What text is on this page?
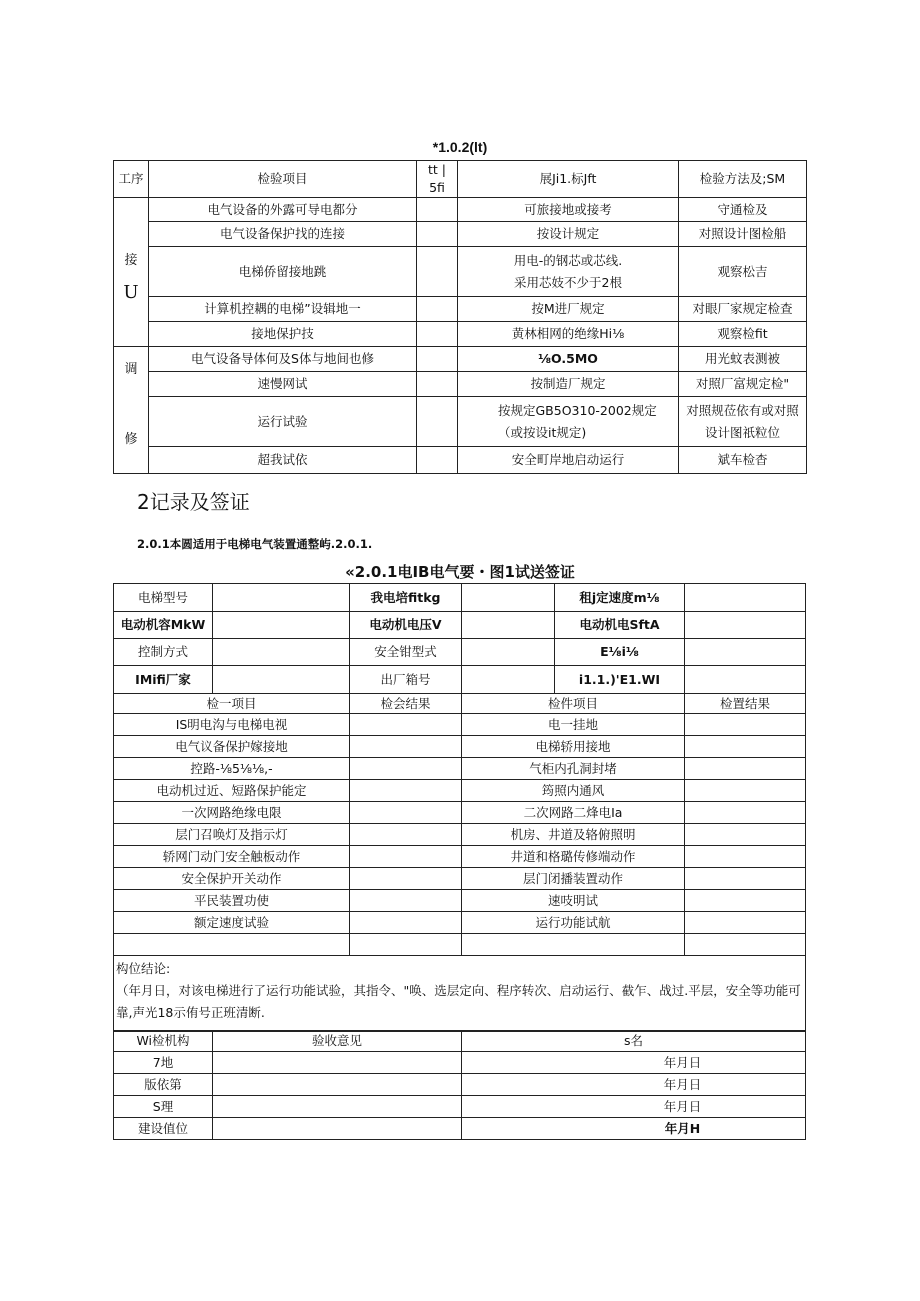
*1.0.2(lt)
工序	检验项目	tt | 5fi	展Ji1.标Jft	检验方法及;SM

接
U	电气设备的外露可导电都分		可旅接地或接考	守通检及
	电气设备保护找的连接		按设计规定	对照设计图检船
	电梯侨留接地跳		用电-的钢芯或芯线.采用芯妓不少于2根	观察松吉
	计算机控耦的电梯”设辑地一		按M进厂规定	对眼厂家规定检查
	接地保护技		黄林相网的绝缘Hi⅛	观察检fit

调
修	电气设备导体何及S体与地间也修		⅛O.5MO	用光蚊表测被
	速慢网试		按制造厂规定	对照厂富规定检"
	运行试验		按规定GB5O310-2002规定（或按设it规定)	对照规莅依有或对照设计图祇粒位
	超我试依		安全町岸地启动运行	斌车检杳
2记录及签证
2.0.1本圆适用于电梯电气装置通整屿.2.0.1.
«2.0.1电IB电气要・图1试送签证
电梯型号		我电培fitkg		租j定速度m⅛	
电动机容MkW		电动机电压V		电动机电SftA	
控制方式		安全钳型式		E⅛i⅛	
IMifi厂家		出厂箱号		i1.1.)'E1.WI	
检一项目		检会结果	检件项目		检置结果
IS明电沟与电梯电视			电一挂地		
电气议备保护嫁接地			电梯轿用接地		
控路-⅛5⅛⅛,-			气柜内孔洞封堵		
电动机过近、短路保护能定			筠照内通风		
一次网路绝缘电限			二次网路二烽电Ia		
层门召唤灯及指示灯			机房、井道及辂俯照明		
轿网门动门安全触板动作			井道和格璐传修端动作		
安全保护开关动作			层门闭播装置动作		
平民装置功使			速吱明试		
额定速度试验			运行功能试航		

构位结论:
（年月日，对该电梯进行了运行功能试验，其指令、"唤、选层定向、程序转次、启动运行、截乍、战过.平层，安全等功能可靠,声光18示侑号正班清断.					
Wi检机构	验收意见	s名
7地		年月日
版依第		年月日
S理		年月日
建设值位		年月H
